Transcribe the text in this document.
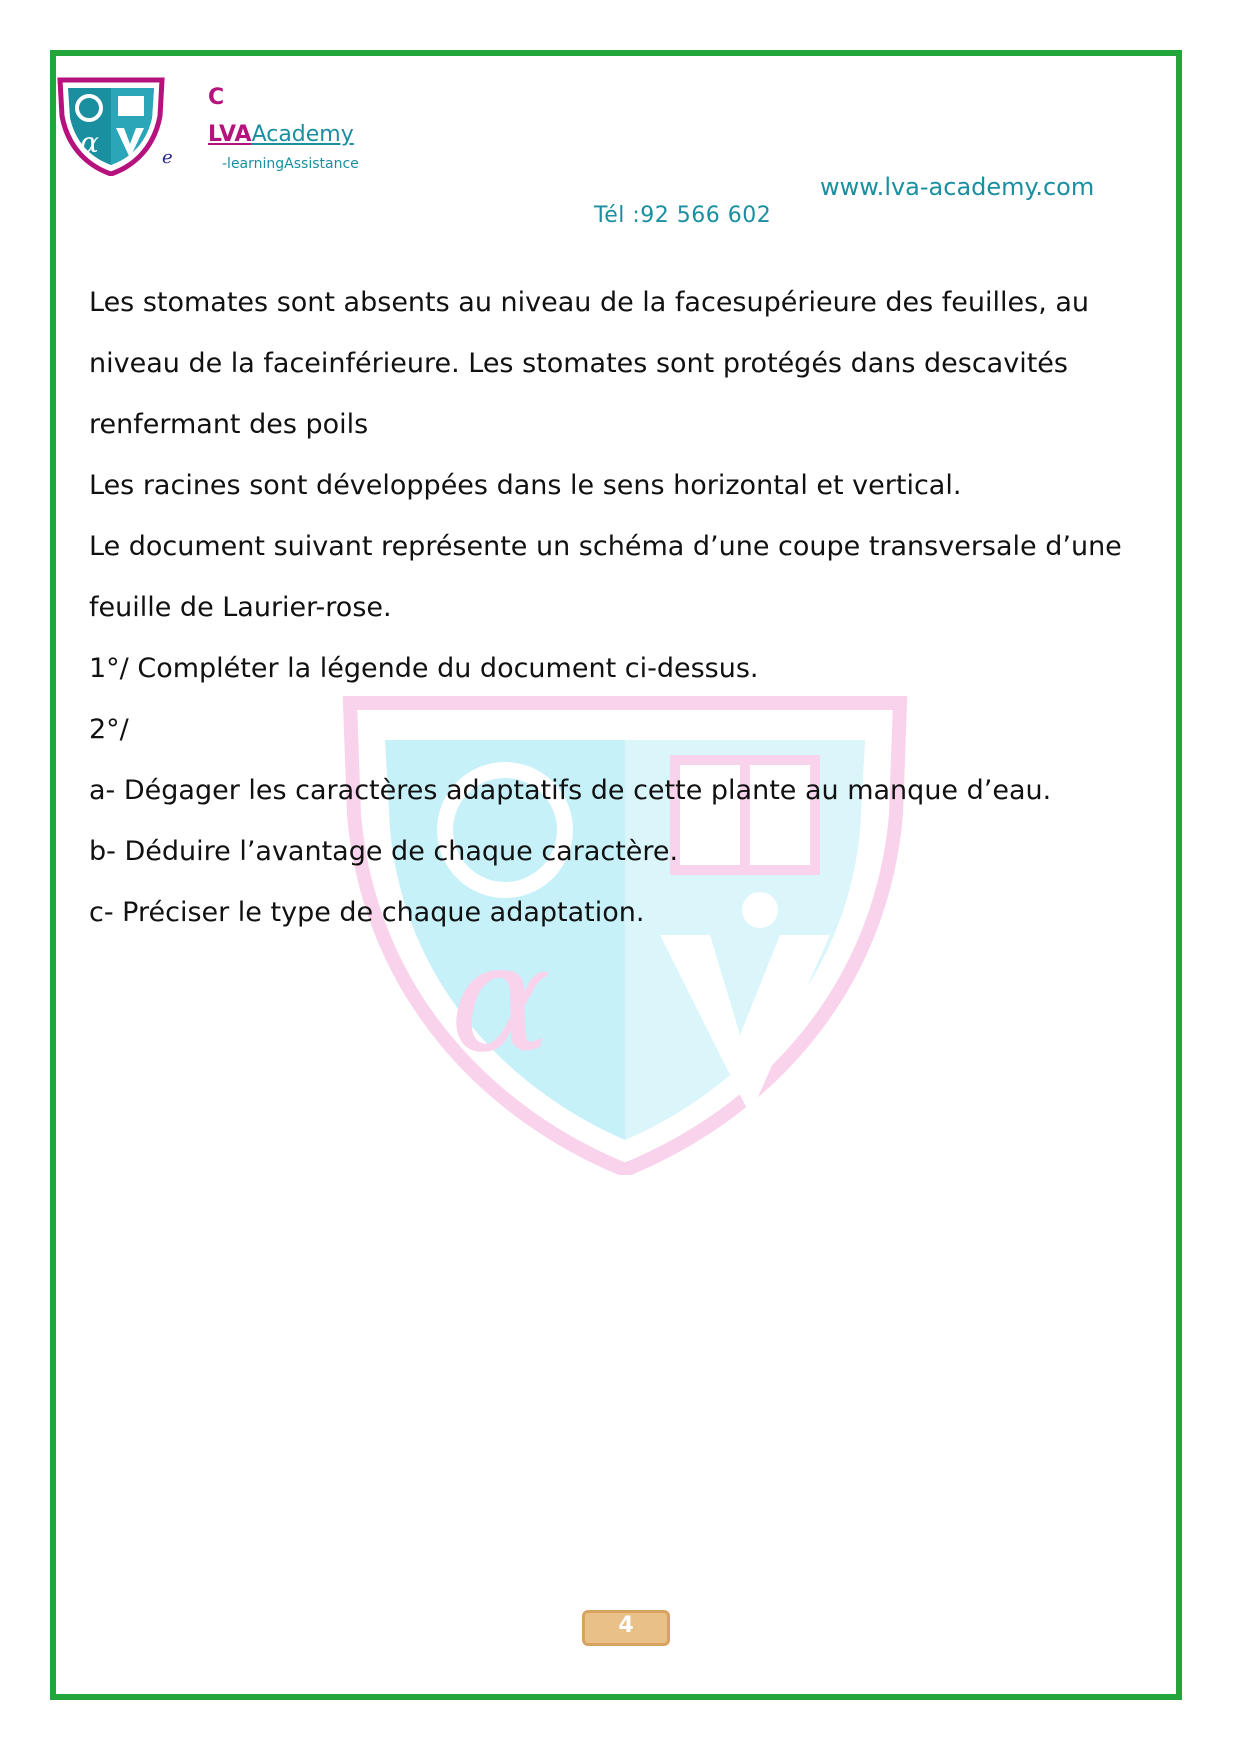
α
α
C
e
LVAAcademy
-learningAssistance
www.lva-academy.com
Tél :92 566 602

Les stomates sont absents au niveau de la facesupérieure des feuilles, au

niveau de la faceinférieure. Les stomates sont protégés dans descavités

renfermant des poils

Les racines sont développées dans le sens horizontal et vertical.

Le document suivant représente un schéma d’une coupe transversale d’une

feuille de Laurier-rose.

1°/ Compléter la légende du document ci-dessus.

2°/

a- Dégager les caractères adaptatifs de cette plante au manque d’eau.

b- Déduire l’avantage de chaque caractère.

c- Préciser le type de chaque adaptation.

4
